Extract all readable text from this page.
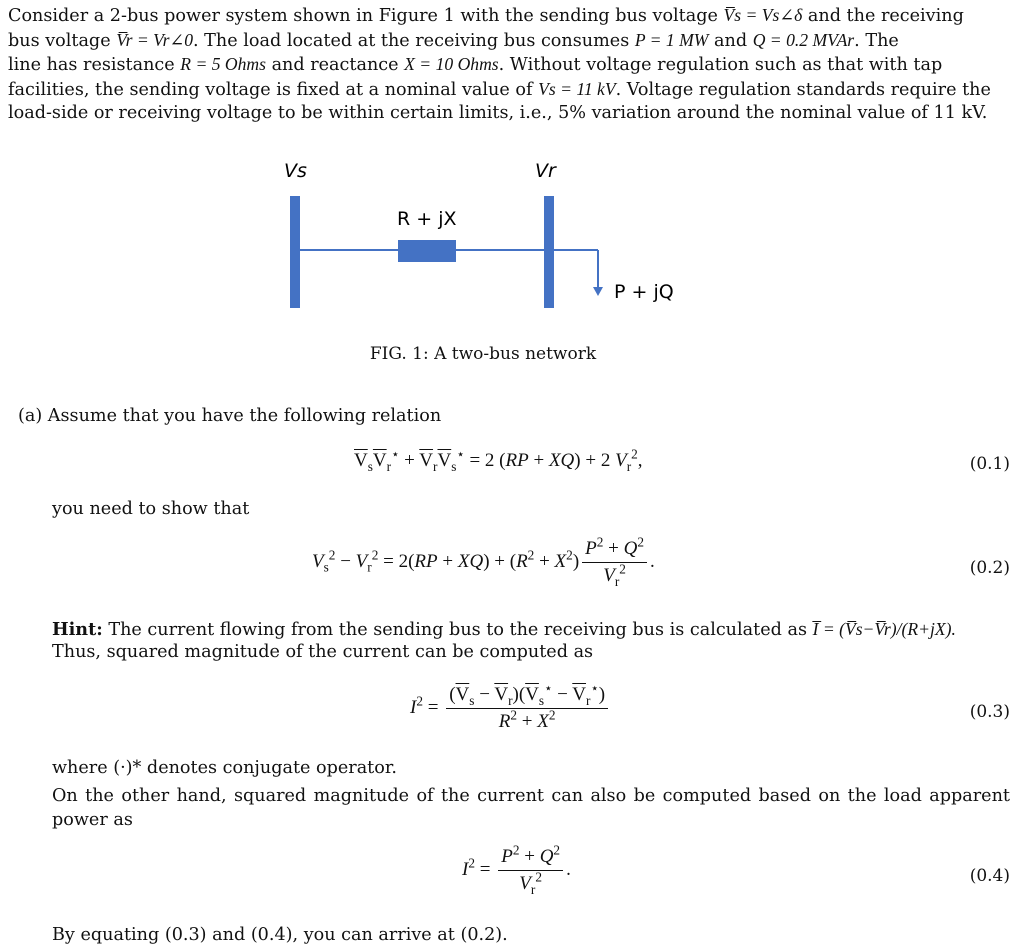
Consider a 2-bus power system shown in Figure 1 with the sending bus voltage V̅s = Vs∠δ and the receiving
bus voltage V̅r = Vr∠0. The load located at the receiving bus consumes P = 1 MW and Q = 0.2 MVAr. The
line has resistance R = 5 Ohms and reactance X = 10 Ohms. Without voltage regulation such as that with tap
facilities, the sending voltage is fixed at a nominal value of Vs = 11 kV. Voltage regulation standards require the
load-side or receiving voltage to be within certain limits, i.e., 5% variation around the nominal value of 11 kV.
Vs	Vr
R + jX
P + jQ
FIG. 1: A two-bus network
(a) Assume that you have the following relation
$\overline{V}_s\overline{V}_r^⋆ + \overline{V}_r\overline{V}_s^⋆ = 2$ (RP + XQ) + 2 $V_r^2$,	(0.1)
you need to show that
$V_s^2 - V_r^2 = 2(RP + XQ) + (R^2 + X^2) \frac{P^2 + Q^2}{V_r^2}$ .	(0.2)
Hint: The current flowing from the sending bus to the receiving bus is calculated as I̅ = (V̅s−V̅r)/(R+jX).
Thus, squared magnitude of the current can be computed as
$I^2 = \frac{(\overline{V}_s - \overline{V}_r)(\overline{V}_s^⋆ - \overline{V}_r^⋆)}{R^2 + X^2}$	(0.3)
where (·)* denotes conjugate operator.
On the other hand, squared magnitude of the current can also be computed based on the load apparent power as
$I^2 = \frac{P^2 + Q^2}{V_r^2}$ .	(0.4)
By equating (0.3) and (0.4), you can arrive at (0.2).
